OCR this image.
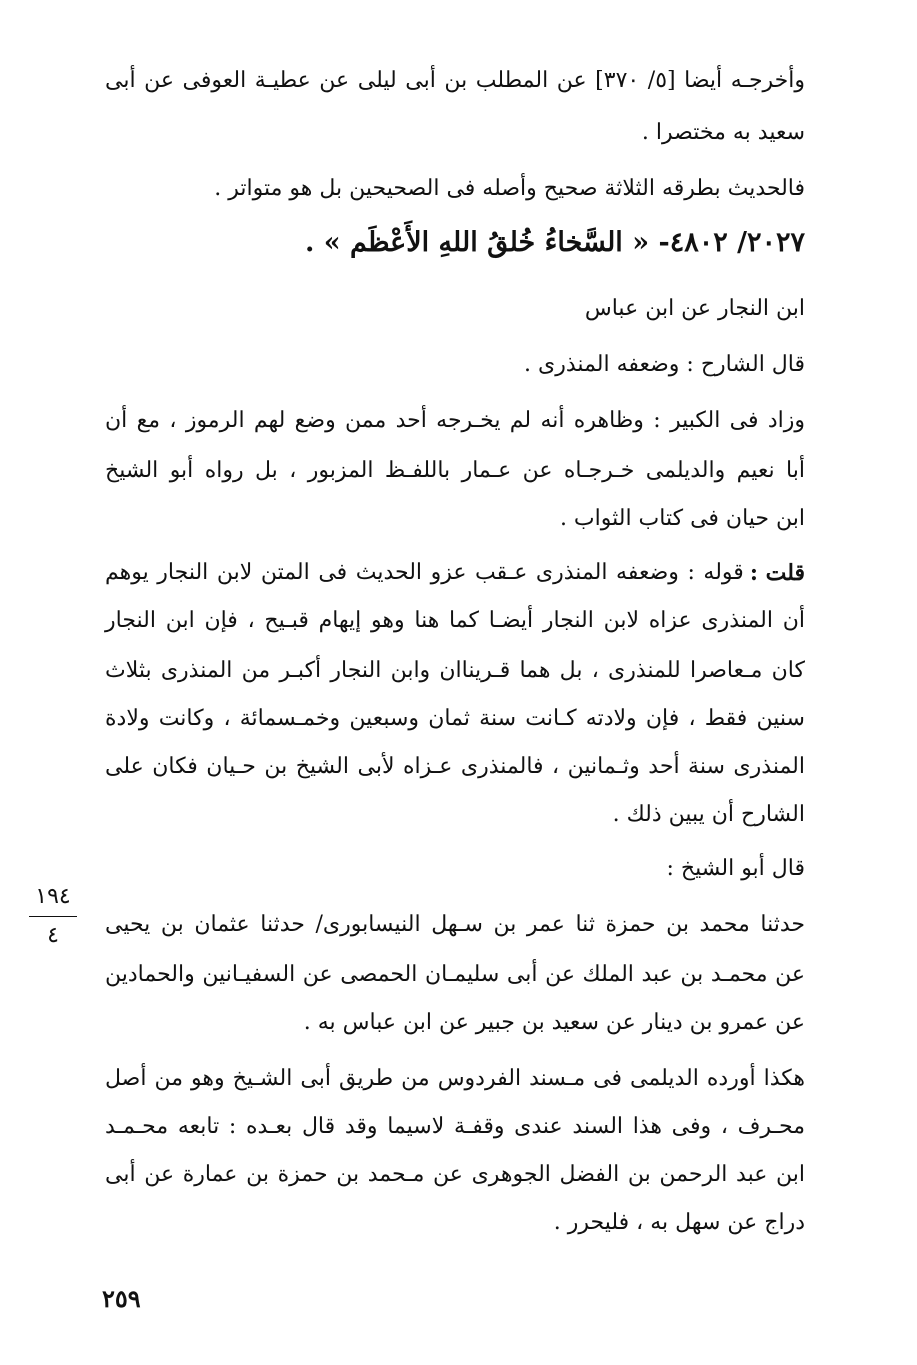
وأخرجـه أيضا [٥/ ٣٧٠] عن المطلب بن أبى ليلى عن عطيـة العوفى عن أبى
سعيد به مختصرا .
فالحديث بطرقه الثلاثة صحيح وأصله فى الصحيحين بل هو متواتر .
٢٠٢٧/ ٤٨٠٢- « السَّخاءُ خُلقُ اللهِ الأَعْظَم » .
ابن النجار عن ابن عباس
قال الشارح : وضعفه المنذرى .
وزاد فى الكبير : وظاهره أنه لم يخـرجه أحد ممن وضع لهم الرموز ، مع أن
أبا نعيم والديلمى خـرجـاه عن عـمار باللفـظ المزبور ، بل رواه أبو الشيخ
ابن حيان فى كتاب الثواب .
قلت :
قوله : وضعفه المنذرى عـقب عزو الحديث فى المتن لابن النجار يوهم
أن المنذرى عزاه لابن النجار أيضـا كما هنا وهو إيهام قبـيح ، فإن ابن النجار
كان مـعاصرا للمنذرى ، بل هما قـريناان وابن النجار أكبـر من المنذرى بثلاث
سنين فقط ، فإن ولادته كـانت سنة ثمان وسبعين وخمـسمائة ، وكانت ولادة
المنذرى سنة أحد وثـمانين ، فالمنذرى عـزاه لأبى الشيخ بن حـيان فكان على
الشارح أن يبين ذلك .
قال أبو الشيخ :
حدثنا محمد بن حمزة ثنا عمر بن سـهل النيسابورى/ حدثنا عثمان بن يحيى
عن محمـد بن عبد الملك عن أبى سليمـان الحمصى عن السفيـانين والحمادين
عن عمرو بن دينار عن سعيد بن جبير عن ابن عباس به .
هكذا أورده الديلمى فى مـسند الفردوس من طريق أبى الشـيخ وهو من أصل
محـرف ، وفى هذا السند عندى وقفـة لاسيما وقد قال بعـده : تابعه محـمـد
ابن عبد الرحمن بن الفضل الجوهرى عن مـحمد بن حمزة بن عمارة عن أبى
دراج عن سهل به ، فليحرر .
١٩٤
٤
٢٥٩
